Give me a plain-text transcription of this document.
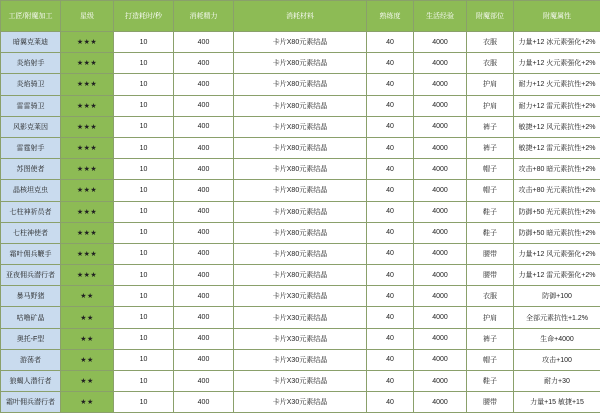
工匠/附魔加工	星级	打造耗时/秒	消耗精力	消耗材料	熟练度	生活经验	附魔部位	附魔属性
暗翼克莱迪	★★★	10	400	卡片X80元素结晶	40	4000	衣服	力量+12 冰元素强化+2%
炎焰射手	★★★	10	400	卡片X80元素结晶	40	4000	衣服	力量+12 火元素强化+2%
炎焰骑卫	★★★	10	400	卡片X80元素结晶	40	4000	护肩	耐力+12 火元素抗性+2%
雷雷骑卫	★★★	10	400	卡片X80元素结晶	40	4000	护肩	耐力+12 雷元素抗性+2%
风影克莱因	★★★	10	400	卡片X80元素结晶	40	4000	裤子	敏捷+12 风元素抗性+2%
雷霆射手	★★★	10	400	卡片X80元素结晶	40	4000	裤子	敏捷+12 雷元素抗性+2%
苏图使者	★★★	10	400	卡片X80元素结晶	40	4000	帽子	攻击+80 暗元素抗性+2%
晶核坦克虫	★★★	10	400	卡片X80元素结晶	40	4000	帽子	攻击+80 光元素抗性+2%
七柱神祈员者	★★★	10	400	卡片X80元素结晶	40	4000	鞋子	防御+50 光元素抗性+2%
七柱神使者	★★★	10	400	卡片X80元素结晶	40	4000	鞋子	防御+50 暗元素抗性+2%
霜叶佣兵鞭手	★★★	10	400	卡片X80元素结晶	40	4000	腰带	力量+12 风元素强化+2%
亚夜佣兵潜行者	★★★	10	400	卡片X80元素结晶	40	4000	腰带	力量+12 雷元素强化+2%
暴马野猪	★★	10	400	卡片X30元素结晶	40	4000	衣服	防御+100
咕噜矿晶	★★	10	400	卡片X30元素结晶	40	4000	护肩	全部元素抗性+1.2%
奥托-F型	★★	10	400	卡片X30元素结晶	40	4000	裤子	生命+4000
游荡者	★★	10	400	卡片X30元素结晶	40	4000	帽子	攻击+100
狼蝎人潜行者	★★	10	400	卡片X30元素结晶	40	4000	鞋子	耐力+30
霜叶佣兵潜行者	★★	10	400	卡片X30元素结晶	40	4000	腰带	力量+15 敏捷+15
